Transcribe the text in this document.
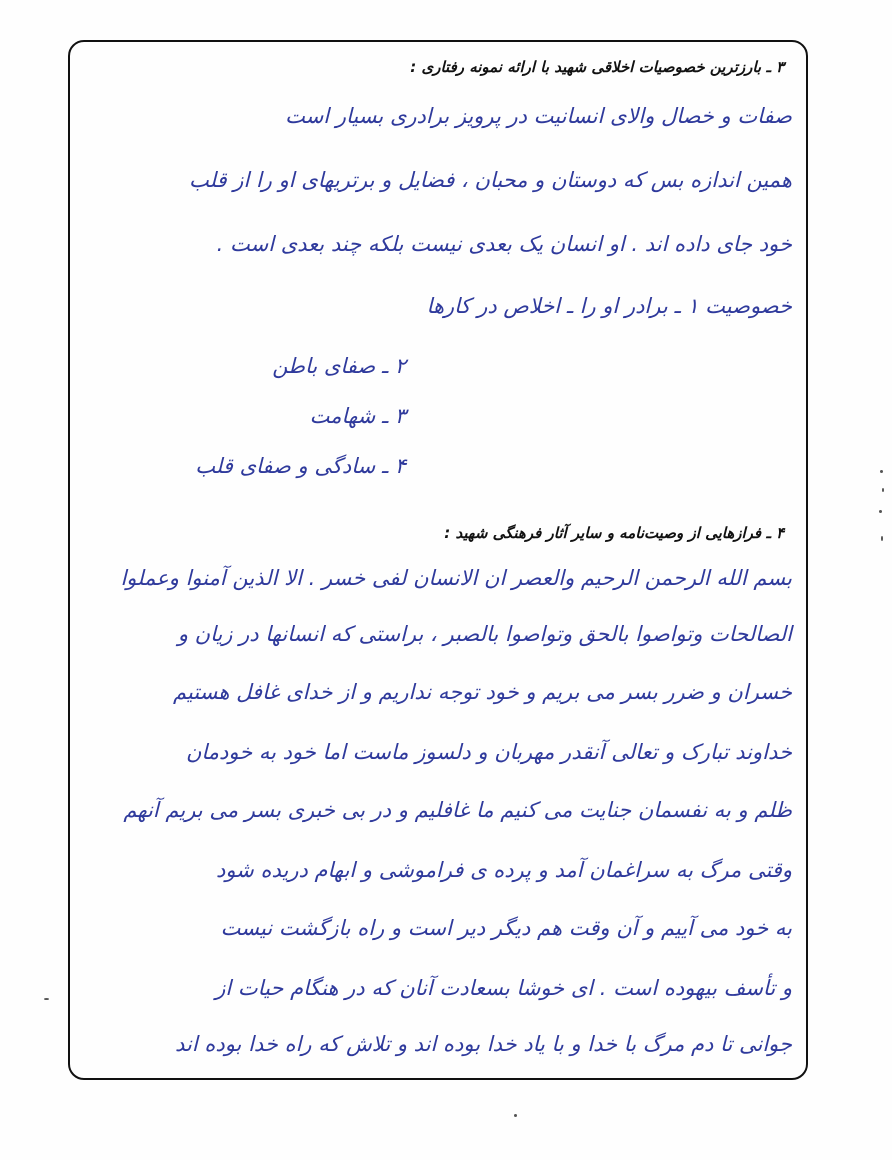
۳ ـ بارزترین خصوصیات اخلاقی شهید با ارائه نمونه رفتاری :
صفات و خصال والای انسانیت در پرویز برادری بسیار است
همین اندازه بس که دوستان و محبان ، فضایل و برتریهای او را از قلب
خود جای داده اند . او انسان یک بعدی نیست بلکه چند بعدی است .
خصوصیت ۱ ـ برادر او را ـ اخلاص در کارها
۲ ـ صفای باطن
۳ ـ شهامت
۴ ـ سادگی و صفای قلب
۴ ـ فرازهایی از وصیت‌نامه و سایر آثار فرهنگی شهید :
بسم الله الرحمن الرحیم والعصر ان الانسان لفی خسر . الا الذین آمنوا وعملوا
الصالحات وتواصوا بالحق وتواصوا بالصبر ، براستی که انسانها در زیان و
خسران و ضرر بسر می بریم و خود توجه نداریم و از خدای غافل هستیم
خداوند تبارک و تعالی آنقدر مهربان و دلسوز ماست اما خود به خودمان
ظلم و به نفسمان جنایت می کنیم ما غافلیم و در بی خبری بسر می بریم آنهم
وقتی مرگ به سراغمان آمد و پرده ی فراموشی و ابهام دریده شود
به خود می آییم و آن وقت هم دیگر دیر است و راه بازگشت نیست
و تأسف بیهوده است . ای خوشا بسعادت آنان که در هنگام حیات از
جوانی تا دم مرگ با خدا و با یاد خدا بوده اند و تلاش که راه خدا بوده اند
